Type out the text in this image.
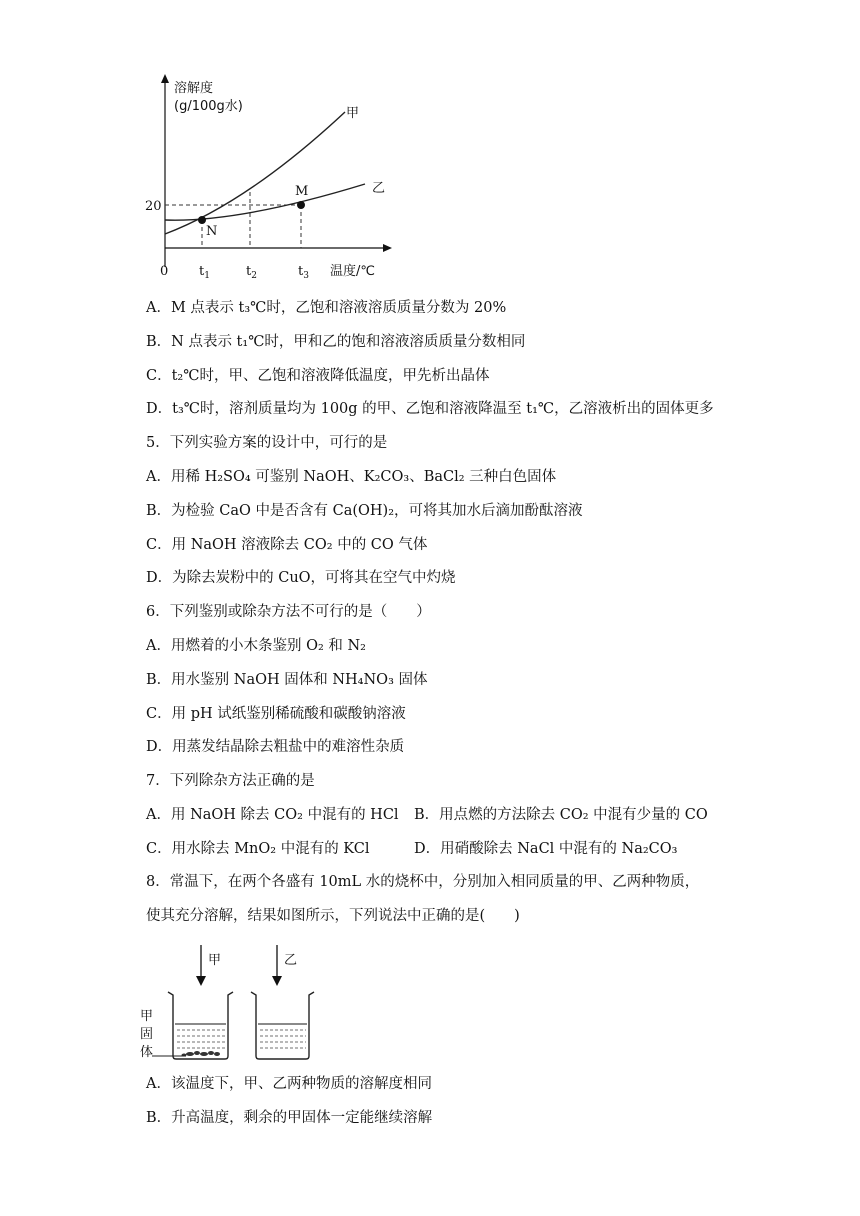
溶解度
(g/100g水)
温度/℃
0
20
$t_1$	$t_2$	$t_3$
N
M
甲
乙
A．M 点表示 t₃℃时，乙饱和溶液溶质质量分数为 20%
B．N 点表示 t₁℃时，甲和乙的饱和溶液溶质质量分数相同
C．t₂℃时，甲、乙饱和溶液降低温度，甲先析出晶体
D．t₃℃时，溶剂质量均为 100g 的甲、乙饱和溶液降温至 t₁℃，乙溶液析出的固体更多
5．下列实验方案的设计中，可行的是
A．用稀 H₂SO₄ 可鉴别 NaOH、K₂CO₃、BaCl₂ 三种白色固体
B．为检验 CaO 中是否含有 Ca(OH)₂，可将其加水后滴加酚酞溶液
C．用 NaOH 溶液除去 CO₂ 中的 CO 气体
D．为除去炭粉中的 CuO，可将其在空气中灼烧
6．下列鉴别或除杂方法不可行的是（　　）
A．用燃着的小木条鉴别 O₂ 和 N₂
B．用水鉴别 NaOH 固体和 NH₄NO₃ 固体
C．用 pH 试纸鉴别稀硫酸和碳酸钠溶液
D．用蒸发结晶除去粗盐中的难溶性杂质
7．下列除杂方法正确的是
A．用 NaOH 除去 CO₂ 中混有的 HCl B．用点燃的方法除去 CO₂ 中混有少量的 CO
C．用水除去 MnO₂ 中混有的 KCl	D．用硝酸除去 NaCl 中混有的 Na₂CO₃
8．常温下，在两个各盛有 10mL 水的烧杯中，分别加入相同质量的甲、乙两种物质，
使其充分溶解，结果如图所示，下列说法中正确的是(　　)
甲	乙
甲
固
体
A．该温度下，甲、乙两种物质的溶解度相同
B．升高温度，剩余的甲固体一定能继续溶解
